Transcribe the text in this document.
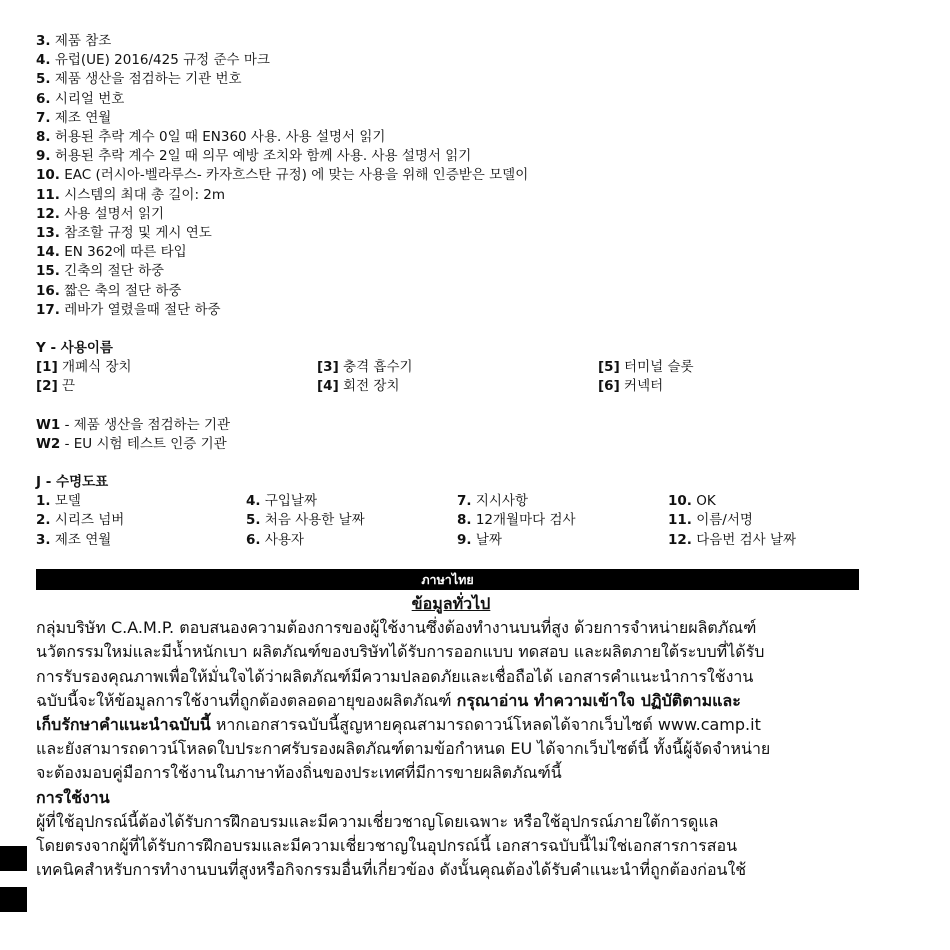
3. 제품 참조
4. 유럽(UE) 2016/425 규정 준수 마크
5. 제품 생산을 점검하는 기관 번호
6. 시리얼 번호
7. 제조 연월
8. 허용된 추락 계수 0일 때 EN360 사용. 사용 설명서 읽기
9. 허용된 추락 계수 2일 때 의무 예방 조치와 함께 사용. 사용 설명서 읽기
10. EAC (러시아-벨라루스- 카자흐스탄 규정) 에 맞는 사용을 위해 인증받은 모델이
11. 시스템의 최대 총 길이: 2m
12. 사용 설명서 읽기
13. 참조할 규정 및 게시 연도
14. EN 362에 따른 타입
15. 긴축의 절단 하중
16. 짧은 축의 절단 하중
17. 레바가 열렸을때 절단 하중
Y - 사용이름
[1] 개폐식 장치	[3] 충격 흡수기	[5] 터미널 슬롯
[2] 끈	[4] 회전 장치	[6] 커넥터
W1 - 제품 생산을 점검하는 기관
W2 - EU 시험 테스트 인증 기관
J - 수명도표
1. 모델	4. 구입날짜	7. 지시사항	10. OK
2. 시리즈 넘버	5. 처음 사용한 날짜	8. 12개월마다 검사	11. 이름/서명
3. 제조 연월	6. 사용자	9. 날짜	12. 다음번 검사 날짜
ภาษาไทย
ข้อมูลทั่วไป
กลุ่มบริษัท C.A.M.P. ตอบสนองความต้องการของผู้ใช้งานซึ่งต้องทำงานบนที่สูง ด้วยการจำหน่ายผลิตภัณฑ์
นวัตกรรมใหม่และมีน้ำหนักเบา ผลิตภัณฑ์ของบริษัทได้รับการออกแบบ ทดสอบ และผลิตภายใต้ระบบที่ได้รับ
การรับรองคุณภาพเพื่อให้มั่นใจได้ว่าผลิตภัณฑ์มีความปลอดภัยและเชื่อถือได้ เอกสารคำแนะนำการใช้งาน
ฉบับนี้จะให้ข้อมูลการใช้งานที่ถูกต้องตลอดอายุของผลิตภัณฑ์ กรุณาอ่าน ทำความเข้าใจ ปฏิบัติตามและ
เก็บรักษาคำแนะนำฉบับนี้ หากเอกสารฉบับนี้สูญหายคุณสามารถดาวน์โหลดได้จากเว็บไซต์ www.camp.it
และยังสามารถดาวน์โหลดใบประกาศรับรองผลิตภัณฑ์ตามข้อกำหนด EU ได้จากเว็บไซต์นี้ ทั้งนี้ผู้จัดจำหน่าย
จะต้องมอบคู่มือการใช้งานในภาษาท้องถิ่นของประเทศที่มีการขายผลิตภัณฑ์นี้
การใช้งาน
ผู้ที่ใช้อุปกรณ์นี้ต้องได้รับการฝึกอบรมและมีความเชี่ยวชาญโดยเฉพาะ หรือใช้อุปกรณ์ภายใต้การดูแล
โดยตรงจากผู้ที่ได้รับการฝึกอบรมและมีความเชี่ยวชาญในอุปกรณ์นี้ เอกสารฉบับนี้ไม่ใช่เอกสารการสอน
เทคนิคสำหรับการทำงานบนที่สูงหรือกิจกรรมอื่นที่เกี่ยวข้อง ดังนั้นคุณต้องได้รับคำแนะนำที่ถูกต้องก่อนใช้
